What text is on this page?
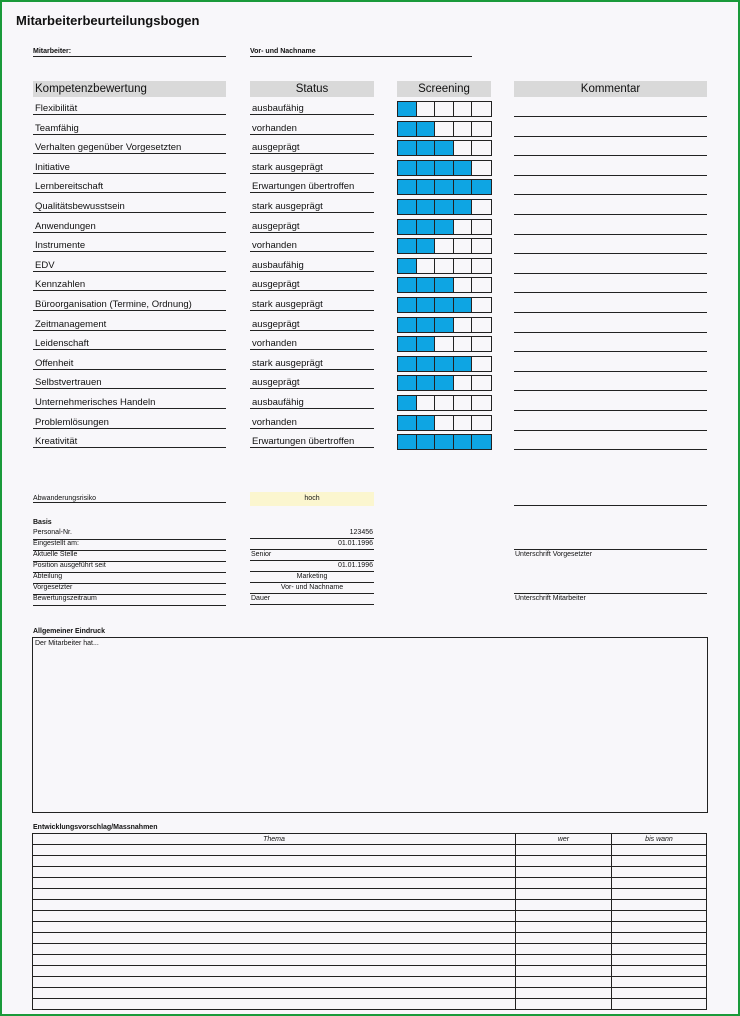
Mitarbeiterbeurteilungsbogen
Mitarbeiter:	Vor- und Nachname
Kompetenzbewertung	Status	Screening	Kommentar
Flexibilität	ausbaufähig
Teamfähig	vorhanden
Verhalten gegenüber Vorgesetzten	ausgeprägt
Initiative	stark ausgeprägt
Lernbereitschaft	Erwartungen übertroffen
Qualitätsbewusstsein	stark ausgeprägt
Anwendungen	ausgeprägt
Instrumente	vorhanden
EDV	ausbaufähig
Kennzahlen	ausgeprägt
Büroorganisation (Termine, Ordnung)	stark ausgeprägt
Zeitmanagement	ausgeprägt
Leidenschaft	vorhanden
Offenheit	stark ausgeprägt
Selbstvertrauen	ausgeprägt
Unternehmerisches Handeln	ausbaufähig
Problemlösungen	vorhanden
Kreativität	Erwartungen übertroffen
Abwanderungsrisiko	hoch
Basis
Personal-Nr.	123456
Eingestellt am:	01.01.1996
Aktuelle Stelle	Senior
Position ausgeführt seit	01.01.1996
Abteilung	Marketing
Vorgesetzter	Vor- und Nachname
Bewertungszeitraum	Dauer
Unterschrift Vorgesetzter
Unterschrift Mitarbeiter
Allgemeiner Eindruck
Der Mitarbeiter hat...
Entwicklungsvorschlag/Massnahmen
Thema	wer	bis wann
